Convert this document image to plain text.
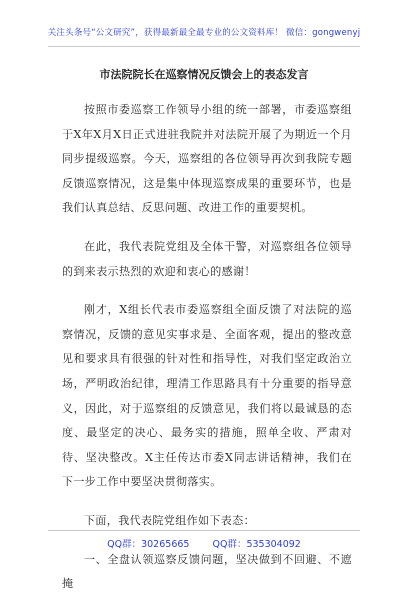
关注头条号“公文研究”，获得最新最全最专业的公文资料库！ 微信：gongwenyj
市法院院长在巡察情况反馈会上的表态发言

按照市委巡察工作领导小组的统一部署，市委巡察组于X年X月X日正式进驻我院并对法院开展了为期近一个月同步提级巡察。今天，巡察组的各位领导再次到我院专题反馈巡察情况，这是集中体现巡察成果的重要环节，也是我们认真总结、反思问题、改进工作的重要契机。

在此，我代表院党组及全体干警，对巡察组各位领导的到来表示热烈的欢迎和衷心的感谢！

刚才，X组长代表市委巡察组全面反馈了对法院的巡察情况，反馈的意见实事求是、全面客观，提出的整改意见和要求具有很强的针对性和指导性，对我们坚定政治立场，严明政治纪律，理清工作思路具有十分重要的指导意义，因此，对于巡察组的反馈意见，我们将以最诚恳的态度、最坚定的决心、最务实的措施，照单全收、严肃对待、坚决整改。X主任传达市委X同志讲话精神，我们在下一步工作中要坚决贯彻落实。

下面，我代表院党组作如下表态：

一、全盘认领巡察反馈问题，坚决做到不回避、不遮掩

QQ群：30265665 QQ群：535304092
